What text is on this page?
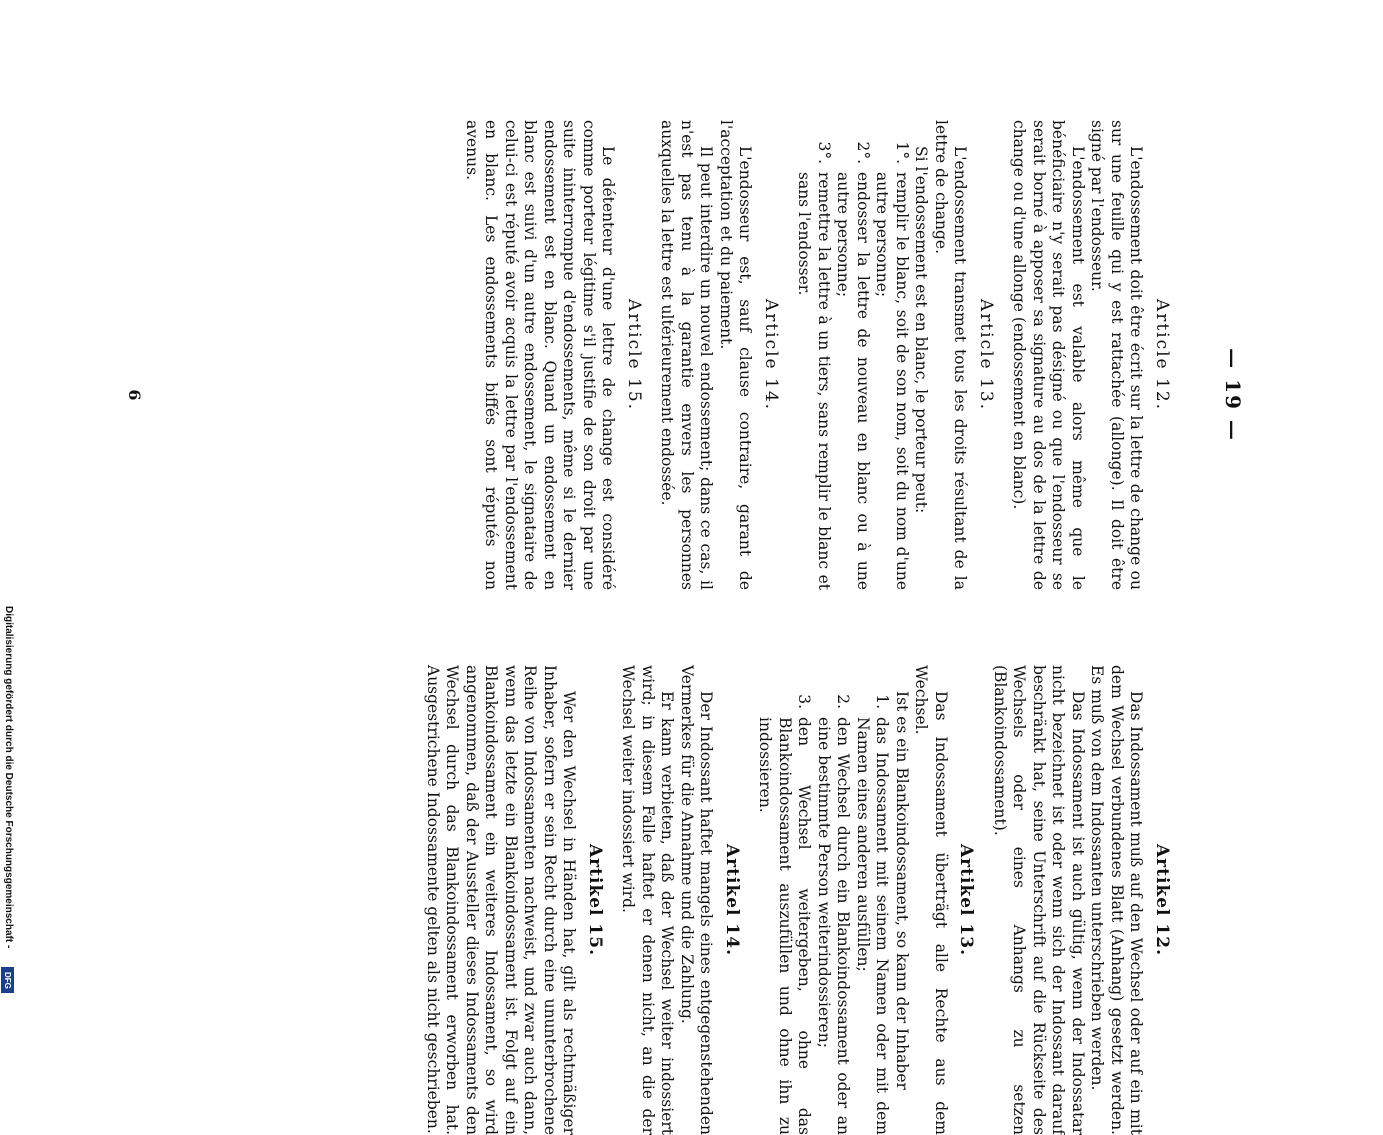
Digitalisierung gefördert durch die Deutsche Forschungsgemeinschaft -
DFG
— 19 —
Article 12.

L'endossement doit être écrit sur la lettre de change ou sur une feuille qui y est rattachée (allonge). Il doit être signé par l'endosseur.

L'endossement est valable alors même que le bénéficiaire n'y serait pas désigné ou que l'endosseur se serait borné à apposer sa signature au dos de la lettre de change ou d'une allonge (endossement en blanc).

Article 13.

L'endossement transmet tous les droits résultant de la lettre de change.

Si l'endossement est en blanc, le porteur peut:

1°.
remplir le blanc, soit de son nom, soit du nom d'une autre personne;
2°.
endosser la lettre de nouveau en blanc ou à une autre personne;
3°.
remettre la lettre à un tiers, sans remplir le blanc et sans l'endosser.
Article 14.

L'endosseur est, sauf clause contraire, garant de l'acceptation et du paiement.

Il peut interdire un nouvel endossement; dans ce cas, il n'est pas tenu à la garantie envers les personnes auxquelles la lettre est ultérieurement endossée.

Article 15.

Le détenteur d'une lettre de change est considéré comme porteur légitime s'il justifie de son droit par une suite ininterrompue d'endossements, même si le dernier endossement est en blanc. Quand un endossement en blanc est suivi d'un autre endossement, le signataire de celui-ci est réputé avoir acquis la lettre par l'endossement en blanc. Les endossements biffés sont réputés non avenus.

Artikel 12.

Das Indossament muß auf den Wechsel oder auf ein mit dem Wechsel verbundenes Blatt (Anhang) gesetzt werden. Es muß von dem Indossanten unterschrieben werden.

Das Indossament ist auch gültig, wenn der Indossatar nicht bezeichnet ist oder wenn sich der Indossant darauf beschränkt hat, seine Unterschrift auf die Rückseite des Wechsels oder eines Anhangs zu setzen (Blankoindossament).

Artikel 13.

Das Indossament überträgt alle Rechte aus dem Wechsel.

Ist es ein Blankoindossament, so kann der Inhaber

1.
das Indossament mit seinem Namen oder mit dem Namen eines anderen ausfüllen;
2.
den Wechsel durch ein Blankoindossament oder an eine bestimmte Person weiterindossieren;
3.
den Wechsel weitergeben, ohne das Blankoindossament auszufüllen und ohne ihn zu indossieren.
Artikel 14.

Der Indossant haftet mangels eines entgegenstehenden Vermerkes für die Annahme und die Zahlung.

Er kann verbieten, daß der Wechsel weiter indossiert wird; in diesem Falle haftet er denen nicht, an die der Wechsel weiter indossiert wird.

Artikel 15.

Wer den Wechsel in Händen hat, gilt als rechtmäßiger Inhaber, sofern er sein Recht durch eine ununterbrochene Reihe von Indossamenten nachweist, und zwar auch dann, wenn das letzte ein Blankoindossament ist. Folgt auf ein Blankoindossament ein weiteres Indossament, so wird angenommen, daß der Aussteller dieses Indossaments den Wechsel durch das Blankoindossament erworben hat. Ausgestrichene Indossamente gelten als nicht geschrieben.

6
